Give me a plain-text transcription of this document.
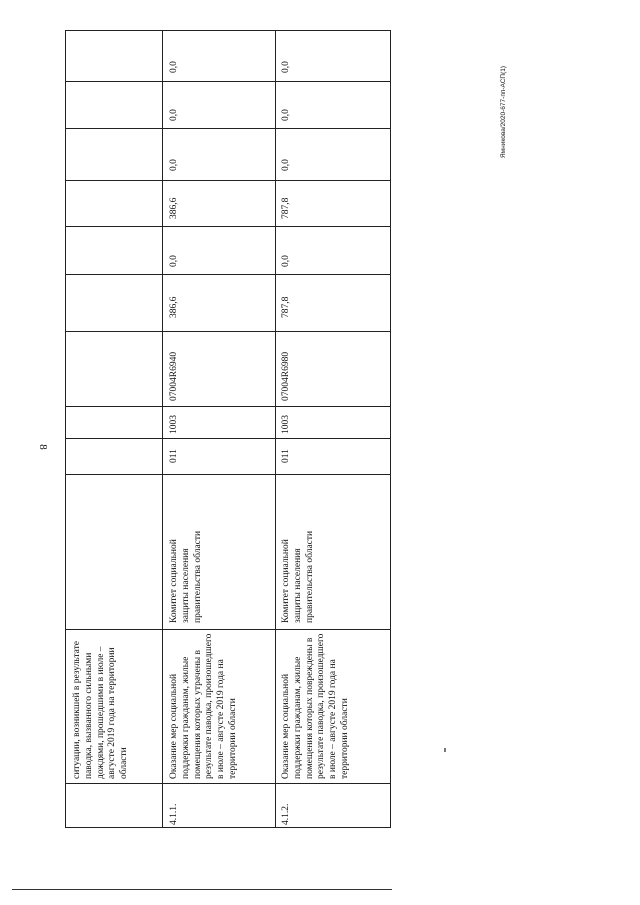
8
Ямникова/2020-677-пп-АСП(1)
ситуации, возникшей в результате паводка, вызванного сильными дождями, прошедшими в июле – августе 2019 года на территории области
4.1.1.
Оказание мер социальной поддержки гражданам, жилые помещения которых утрачены в результате паводка, произошедшего в июле – августе 2019 года на территории области
Комитет социальной защиты населения правительства области
011
1003
07004R6940
386,6
0,0
386,6
0,0
0,0
0,0
4.1.2.
Оказание мер социальной поддержки гражданам, жилые помещения которых повреждены в результате паводка, произошедшего в июле – августе 2019 года на территории области
Комитет социальной защиты населения правительства области
011
1003
07004R6980
787,8
0,0
787,8
0,0
0,0
0,0
